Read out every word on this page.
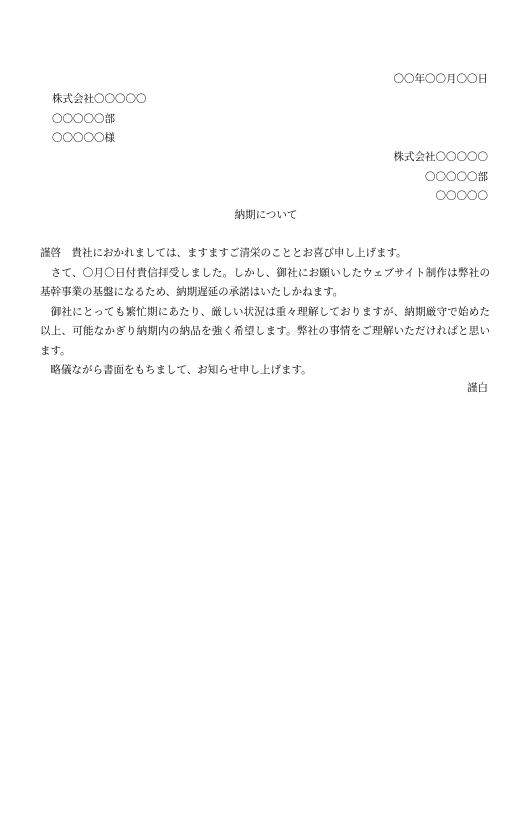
〇〇年〇〇月〇〇日
株式会社〇〇〇〇〇
〇〇〇〇〇部
〇〇〇〇〇様
株式会社〇〇〇〇〇
〇〇〇〇〇部
〇〇〇〇〇
納期について

謹啓　貴社におかれましては、ますますご清栄のこととお喜び申し上げます。

　さて、〇月〇日付貴信拝受しました。しかし、御社にお願いしたウェブサイト制作は弊社の基幹事業の基盤になるため、納期遅延の承諾はいたしかねます。

　御社にとっても繁忙期にあたり、厳しい状況は重々理解しておりますが、納期厳守で始めた以上、可能なかぎり納期内の納品を強く希望します。弊社の事情をご理解いただければと思います。

　略儀ながら書面をもちまして、お知らせ申し上げます。

謹白
